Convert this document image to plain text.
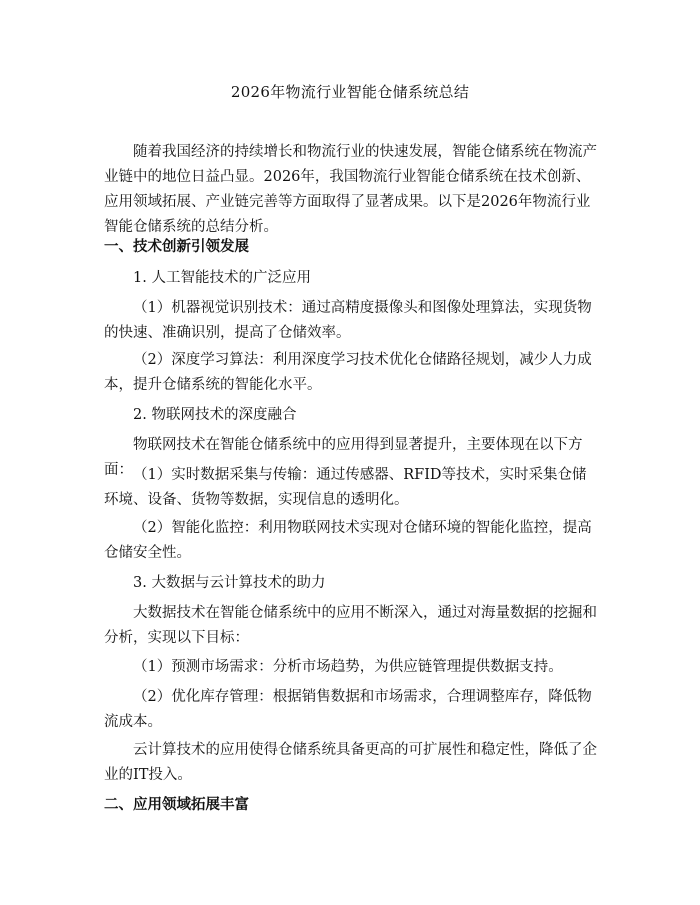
2026年物流行业智能仓储系统总结

随着我国经济的持续增长和物流行业的快速发展，智能仓储系统在物流产业链中的地位日益凸显。2026年，我国物流行业智能仓储系统在技术创新、应用领域拓展、产业链完善等方面取得了显著成果。以下是2026年物流行业智能仓储系统的总结分析。

一、技术创新引领发展

1. 人工智能技术的广泛应用

（1）机器视觉识别技术：通过高精度摄像头和图像处理算法，实现货物的快速、准确识别，提高了仓储效率。

（2）深度学习算法：利用深度学习技术优化仓储路径规划，减少人力成本，提升仓储系统的智能化水平。

2. 物联网技术的深度融合

物联网技术在智能仓储系统中的应用得到显著提升，主要体现在以下方面： （1）实时数据采集与传输：通过传感器、RFID等技术，实时采集仓储环境、设备、货物等数据，实现信息的透明化。

（2）智能化监控：利用物联网技术实现对仓储环境的智能化监控，提高仓储安全性。

3. 大数据与云计算技术的助力

大数据技术在智能仓储系统中的应用不断深入，通过对海量数据的挖掘和分析，实现以下目标：

（1）预测市场需求：分析市场趋势，为供应链管理提供数据支持。

（2）优化库存管理：根据销售数据和市场需求，合理调整库存，降低物流成本。

云计算技术的应用使得仓储系统具备更高的可扩展性和稳定性，降低了企业的IT投入。

二、应用领域拓展丰富
